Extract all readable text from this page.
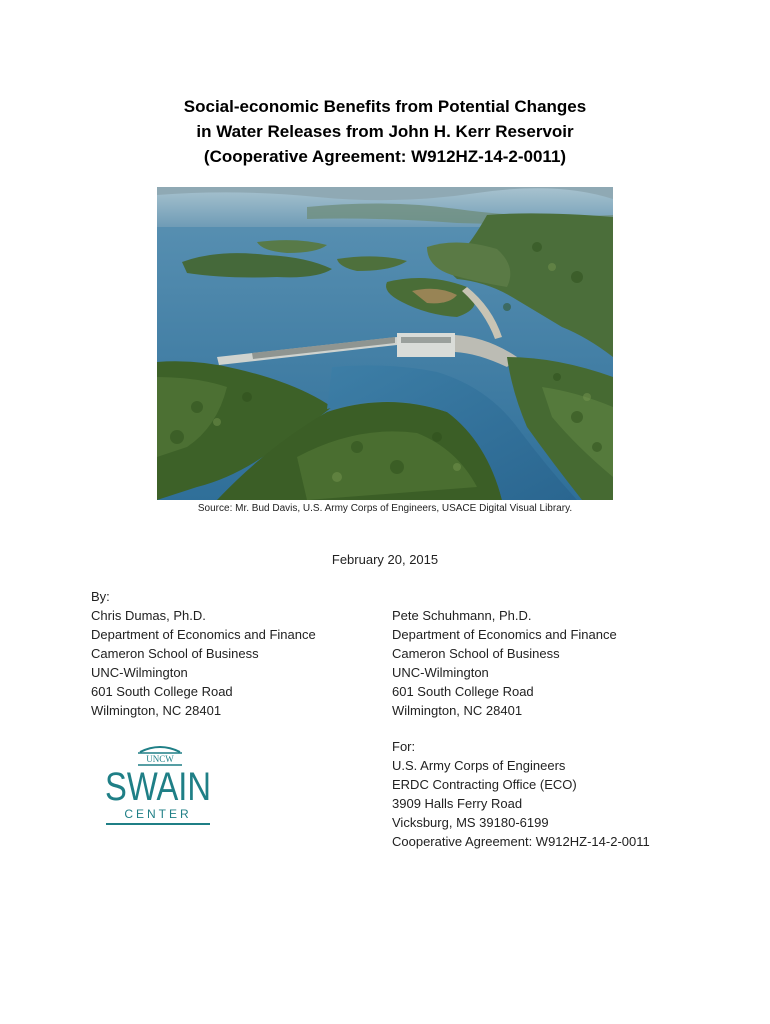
Social-economic Benefits from Potential Changes
in Water Releases from John H. Kerr Reservoir
(Cooperative Agreement: W912HZ-14-2-0011)
Source: Mr. Bud Davis, U.S. Army Corps of Engineers, USACE Digital Visual Library.
February 20, 2015
By:
Chris Dumas, Ph.D.
Department of Economics and Finance
Cameron School of Business
UNC-Wilmington
601 South College Road
Wilmington, NC 28401
Pete Schuhmann, Ph.D.
Department of Economics and Finance
Cameron School of Business
UNC-Wilmington
601 South College Road
Wilmington, NC 28401
UNCW
SWAIN
CENTER
For:
U.S. Army Corps of Engineers
ERDC Contracting Office (ECO)
3909 Halls Ferry Road
Vicksburg, MS 39180-6199
Cooperative Agreement: W912HZ-14-2-0011
